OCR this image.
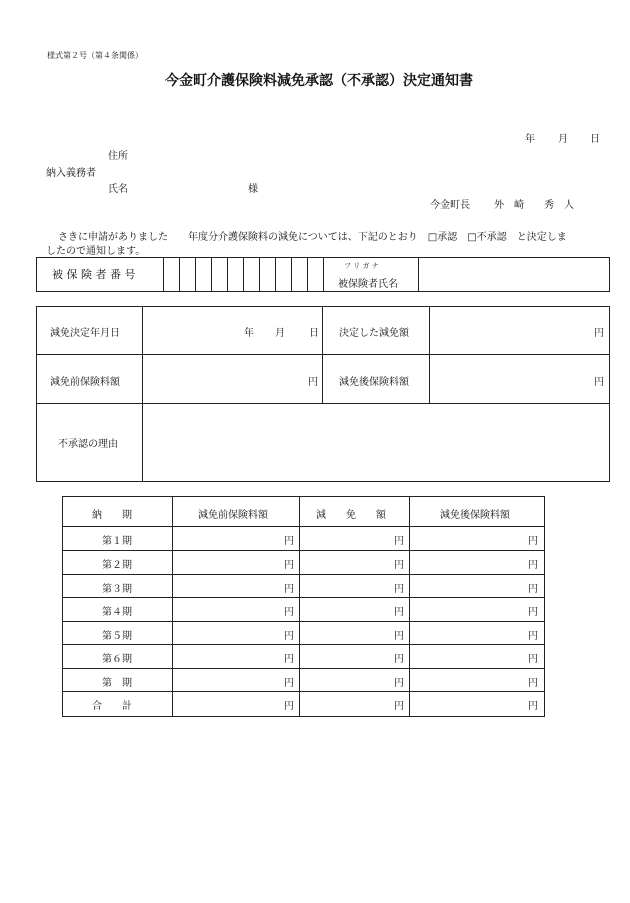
様式第２号（第４条関係）
今金町介護保険料減免承認（不承認）決定通知書
年 月 日
住所
納入義務者
氏名	様
今金町長 外　崎　　秀　人
さきに申請がありました　　年度分介護保険料の減免については、下記のとおり　□承認　□不承認　と決定しま
したので通知します。
被 保 険 者 番 号
フ リ ガ ナ
被保険者氏名
減免決定年月日	年 月 日 決定した減免額	円
減免前保険料額	円 減免後保険料額	円
不承認の理由
納　　期	減免前保険料額	減　　免　　額	減免後保険料額
第１期	円	円	円
第２期	円	円	円
第３期	円	円	円
第４期	円	円	円
第５期	円	円	円
第６期	円	円	円
第　期	円	円	円
合　　計	円	円	円
